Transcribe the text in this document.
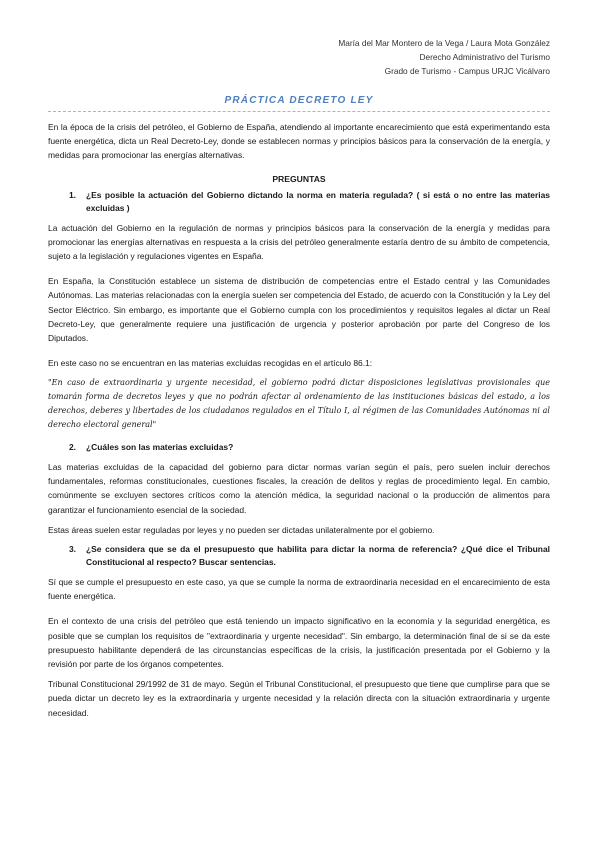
María del Mar Montero de la Vega / Laura Mota González
Derecho Administrativo del Turismo
Grado de Turismo - Campus URJC Vicálvaro
PRÁCTICA DECRETO LEY

En la época de la crisis del petróleo, el Gobierno de España, atendiendo al importante encarecimiento que está experimentando esta fuente energética, dicta un Real Decreto-Ley, donde se establecen normas y principios básicos para la conservación de la energía, y medidas para promocionar las energías alternativas.

PREGUNTAS
1.	¿Es posible la actuación del Gobierno dictando la norma en materia regulada? ( si está o no entre las materias excluidas )

La actuación del Gobierno en la regulación de normas y principios básicos para la conservación de la energía y medidas para promocionar las energías alternativas en respuesta a la crisis del petróleo generalmente estaría dentro de su ámbito de competencia, sujeto a la legislación y regulaciones vigentes en España.

En España, la Constitución establece un sistema de distribución de competencias entre el Estado central y las Comunidades Autónomas. Las materias relacionadas con la energía suelen ser competencia del Estado, de acuerdo con la Constitución y la Ley del Sector Eléctrico. Sin embargo, es importante que el Gobierno cumpla con los procedimientos y requisitos legales al dictar un Real Decreto-Ley, que generalmente requiere una justificación de urgencia y posterior aprobación por parte del Congreso de los Diputados.

En este caso no se encuentran en las materias excluidas recogidas en el artículo 86.1:

"En caso de extraordinaria y urgente necesidad, el gobierno podrá dictar disposiciones legislativas provisionales que tomarán forma de decretos leyes y que no podrán afectar al ordenamiento de las instituciones básicas del estado, a los derechos, deberes y libertades de los ciudadanos regulados en el Título I, al régimen de las Comunidades Autónomas ni al derecho electoral general"
2.	¿Cuáles son las materias excluidas?

Las materias excluidas de la capacidad del gobierno para dictar normas varían según el país, pero suelen incluir derechos fundamentales, reformas constitucionales, cuestiones fiscales, la creación de delitos y reglas de procedimiento legal. En cambio, comúnmente se excluyen sectores críticos como la atención médica, la seguridad nacional o la producción de alimentos para garantizar el funcionamiento esencial de la sociedad.

Estas áreas suelen estar reguladas por leyes y no pueden ser dictadas unilateralmente por el gobierno.

3.	¿Se considera que se da el presupuesto que habilita para dictar la norma de referencia? ¿Qué dice el Tribunal Constitucional al respecto? Buscar sentencias.

Sí que se cumple el presupuesto en este caso, ya que se cumple la norma de extraordinaria necesidad en el encarecimiento de esta fuente energética.

En el contexto de una crisis del petróleo que está teniendo un impacto significativo en la economía y la seguridad energética, es posible que se cumplan los requisitos de "extraordinaria y urgente necesidad". Sin embargo, la determinación final de si se da este presupuesto habilitante dependerá de las circunstancias específicas de la crisis, la justificación presentada por el Gobierno y la revisión por parte de los órganos competentes.

Tribunal Constitucional 29/1992 de 31 de mayo. Según el Tribunal Constitucional, el presupuesto que tiene que cumplirse para que se pueda dictar un decreto ley es la extraordinaria y urgente necesidad y la relación directa con la situación extraordinaria y urgente necesidad.
